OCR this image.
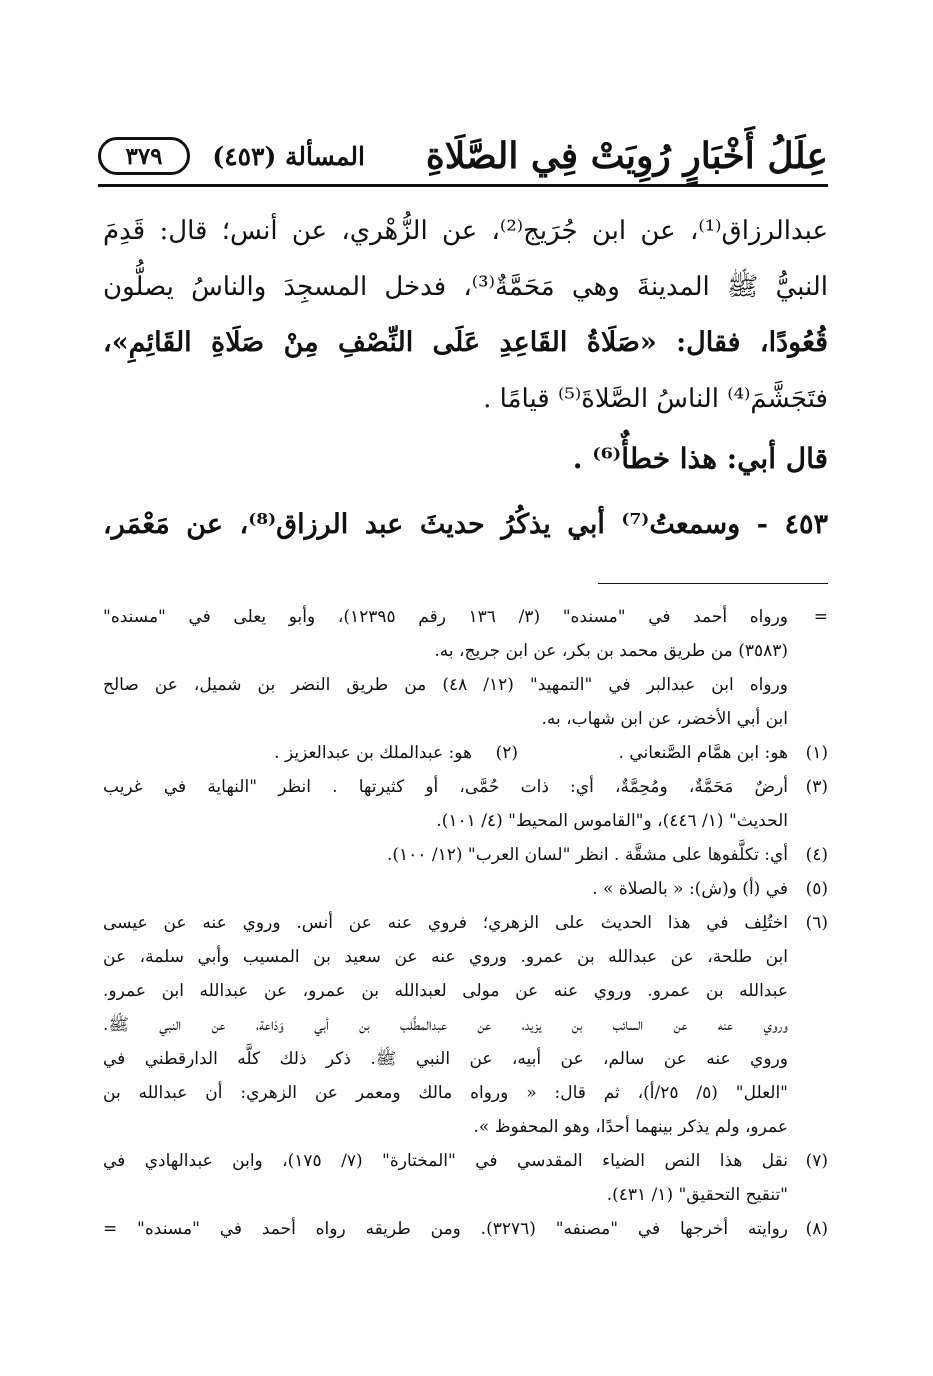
عِلَلُ أَخْبَارٍ رُوِيَتْ فِي الصَّلَاةِ
المسألة (٤٥٣)
٣٧٩
عبدالرزاق⁽¹⁾، عن ابن جُرَيج⁽²⁾، عن الزُّهْري، عن أنس؛ قال: قَدِمَ
النبيُّ ﷺ المدينةَ وهي مَحَمَّةٌ⁽³⁾، فدخل المسجِدَ والناسُ يصلُّون
قُعُودًا، فقال: «صَلَاةُ القَاعِدِ عَلَى النِّصْفِ مِنْ صَلَاةِ القَائِمِ»،
فتَجَشَّمَ⁽⁴⁾ الناسُ الصَّلاةَ⁽⁵⁾ قيامًا .
قال أبي: هذا خطأٌ⁽⁶⁾ .
٤٥٣ - وسمعتُ⁽⁷⁾ أبي يذكُرُ حديثَ عبد الرزاق⁽⁸⁾، عن مَعْمَر،
=
ورواه أحمد في "مسنده" (٣/ ١٣٦ رقم ١٢٣٩٥)، وأبو يعلى في "مسنده"
(٣٥٨٣) من طريق محمد بن بكر، عن ابن جريج، به.
ورواه ابن عبدالبر في "التمهيد" (١٢/ ٤٨) من طريق النضر بن شميل، عن صالح
ابن أبي الأخضر، عن ابن شهاب، به.
(١)
هو: ابن همَّام الصَّنعاني .
(٢)
هو: عبدالملك بن عبدالعزيز .
(٣)
أرضٌ مَحَمَّةٌ، ومُحِمَّةٌ، أي: ذات حُمَّى، أو كثيرتها . انظر "النهاية في غريب
الحديث" (١/ ٤٤٦)، و"القاموس المحيط" (٤/ ١٠١).
(٤)
أي: تكلَّفوها على مشقَّة . انظر "لسان العرب" (١٢/ ١٠٠).
(٥)
في (أ) و(ش): « بالصلاة » .
(٦)
اختُلِف في هذا الحديث على الزهري؛ فروي عنه عن أنس. وروي عنه عن عيسى
ابن طلحة، عن عبدالله بن عمرو. وروي عنه عن سعيد بن المسيب وأبي سلمة، عن
عبدالله بن عمرو. وروي عنه عن مولى لعبدالله بن عمرو، عن عبدالله ابن عمرو.
وروي عنه عن السائب بن يزيد، عن عبدالمطَّلب بن أبي وَدَاعة، عن النبي ﷺ.
وروي عنه عن سالم، عن أبيه، عن النبي ﷺ. ذكر ذلك كلَّه الدارقطني في
"العلل" (٥/ ٢٥/أ)، ثم قال: « ورواه مالك ومعمر عن الزهري: أن عبدالله بن
عمرو، ولم يذكر بينهما أحدًا، وهو المحفوظ ».
(٧)
نقل هذا النص الضياء المقدسي في "المختارة" (٧/ ١٧٥)، وابن عبدالهادي في
"تنقيح التحقيق" (١/ ٤٣١).
(٨)
روايته أخرجها في "مصنفه" (٣٢٧٦). ومن طريقه رواه أحمد في "مسنده" =
